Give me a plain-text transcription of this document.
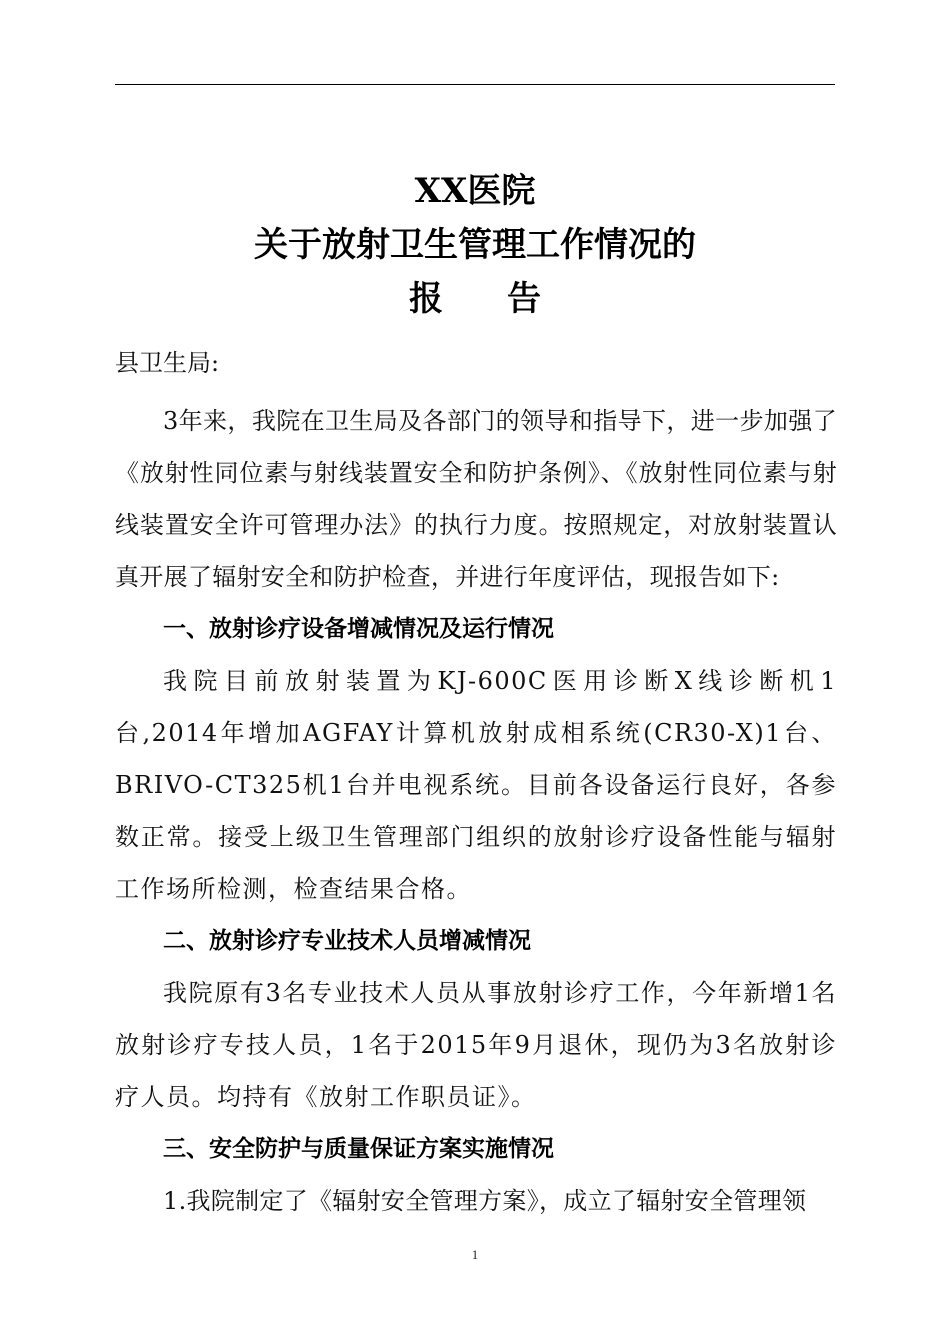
XX医院
关于放射卫生管理工作情况的
报告

县卫生局:

3年来，我院在卫生局及各部门的领导和指导下，进一步加强了《放射性同位素与射线装置安全和防护条例》、《放射性同位素与射线装置安全许可管理办法》的执行力度。按照规定，对放射装置认真开展了辐射安全和防护检查，并进行年度评估，现报告如下:

一、放射诊疗设备增减情况及运行情况

我院目前放射装置为KJ-600C医用诊断X线诊断机1台,2014年增加AGFAY计算机放射成相系统(CR30-X)1台、BRIVO-CT325机1台并电视系统。目前各设备运行良好，各参数正常。接受上级卫生管理部门组织的放射诊疗设备性能与辐射工作场所检测，检查结果合格。

二、放射诊疗专业技术人员增减情况

我院原有3名专业技术人员从事放射诊疗工作，今年新增1名放射诊疗专技人员，1名于2015年9月退休，现仍为3名放射诊疗人员。均持有《放射工作职员证》。

三、安全防护与质量保证方案实施情况

1.我院制定了《辐射安全管理方案》，成立了辐射安全管理领

1
